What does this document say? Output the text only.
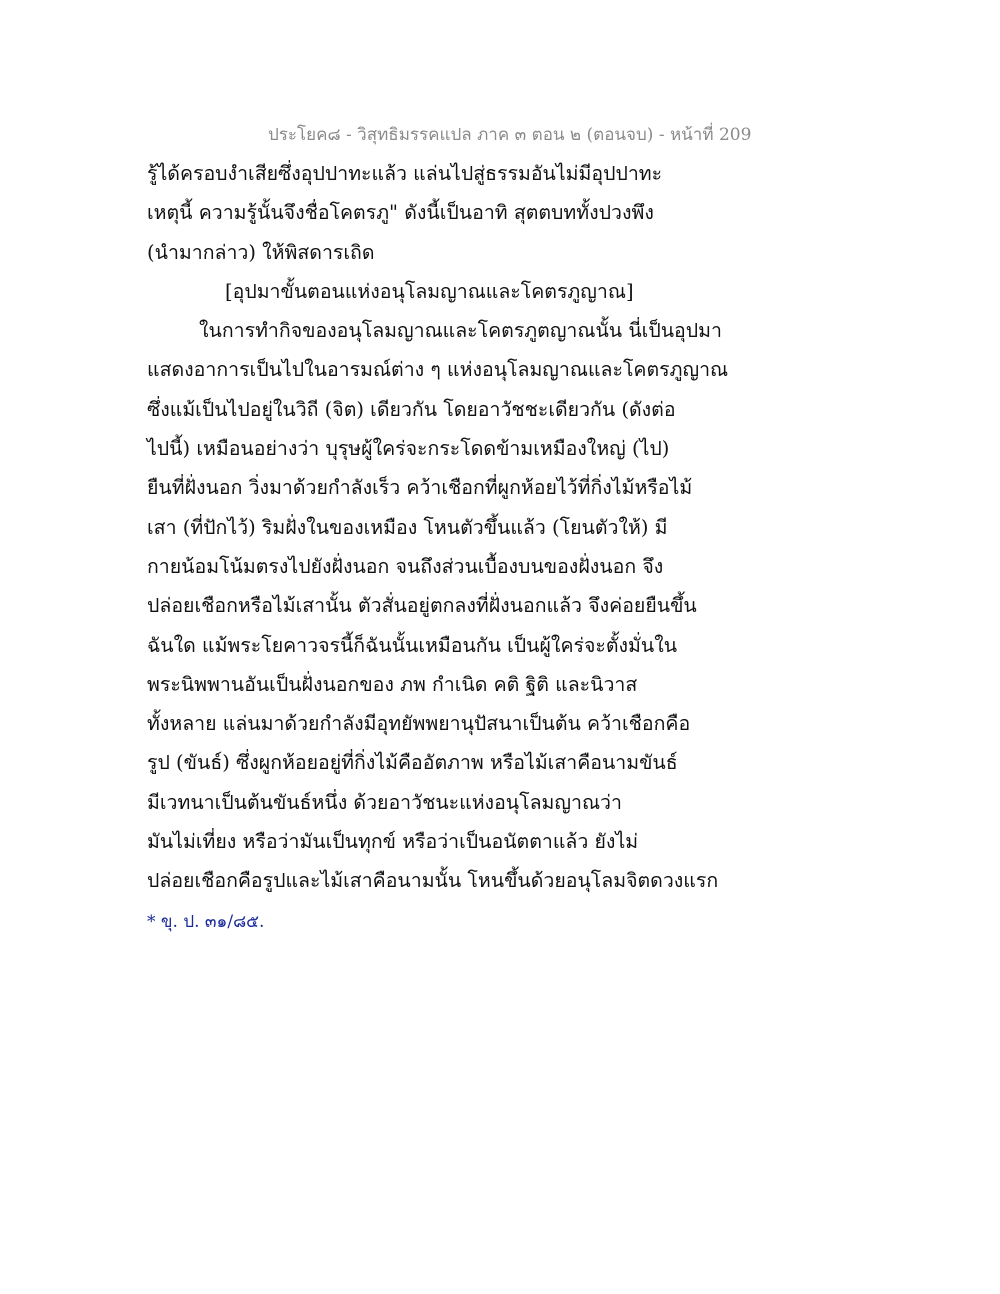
ประโยค๘ - วิสุทธิมรรคแปล ภาค ๓ ตอน ๒ (ตอนจบ) - หน้าที่ 209
รู้ได้ครอบงำเสียซึ่งอุปปาทะแล้ว แล่นไปสู่ธรรมอันไม่มีอุปปาทะ
เหตุนี้ ความรู้นั้นจึงชื่อโคตรภู" ดังนี้เป็นอาทิ สุตตบททั้งปวงพึง
(นำมากล่าว) ให้พิสดารเถิด
[อุปมาขั้นตอนแห่งอนุโลมญาณและโคตรภูญาณ]
ในการทำกิจของอนุโลมญาณและโคตรภูตญาณนั้น นี่เป็นอุปมา
แสดงอาการเป็นไปในอารมณ์ต่าง ๆ แห่งอนุโลมญาณและโคตรภูญาณ
ซึ่งแม้เป็นไปอยู่ในวิถี (จิต) เดียวกัน โดยอาวัชชะเดียวกัน (ดังต่อ
ไปนี้) เหมือนอย่างว่า บุรุษผู้ใคร่จะกระโดดข้ามเหมืองใหญ่ (ไป)
ยืนที่ฝั่งนอก วิ่งมาด้วยกำลังเร็ว คว้าเชือกที่ผูกห้อยไว้ที่กิ่งไม้หรือไม้
เสา (ที่ปักไว้) ริมฝั่งในของเหมือง โหนตัวขึ้นแล้ว (โยนตัวให้) มี
กายน้อมโน้มตรงไปยังฝั่งนอก จนถึงส่วนเบื้องบนของฝั่งนอก จึง
ปล่อยเชือกหรือไม้เสานั้น ตัวสั่นอยู่ตกลงที่ฝั่งนอกแล้ว จึงค่อยยืนขึ้น
ฉันใด แม้พระโยคาวจรนี้ก็ฉันนั้นเหมือนกัน เป็นผู้ใคร่จะตั้งมั่นใน
พระนิพพานอันเป็นฝั่งนอกของ ภพ กำเนิด คติ ฐิติ และนิวาส
ทั้งหลาย แล่นมาด้วยกำลังมีอุทยัพพยานุปัสนาเป็นต้น คว้าเชือกคือ
รูป (ขันธ์) ซึ่งผูกห้อยอยู่ที่กิ่งไม้คืออัตภาพ หรือไม้เสาคือนามขันธ์
มีเวทนาเป็นต้นขันธ์หนึ่ง ด้วยอาวัชนะแห่งอนุโลมญาณว่า
มันไม่เที่ยง หรือว่ามันเป็นทุกข์ หรือว่าเป็นอนัตตาแล้ว ยังไม่
ปล่อยเชือกคือรูปและไม้เสาคือนามนั้น โหนขึ้นด้วยอนุโลมจิตดวงแรก
* ขุ. ป. ๓๑/๘๕.
